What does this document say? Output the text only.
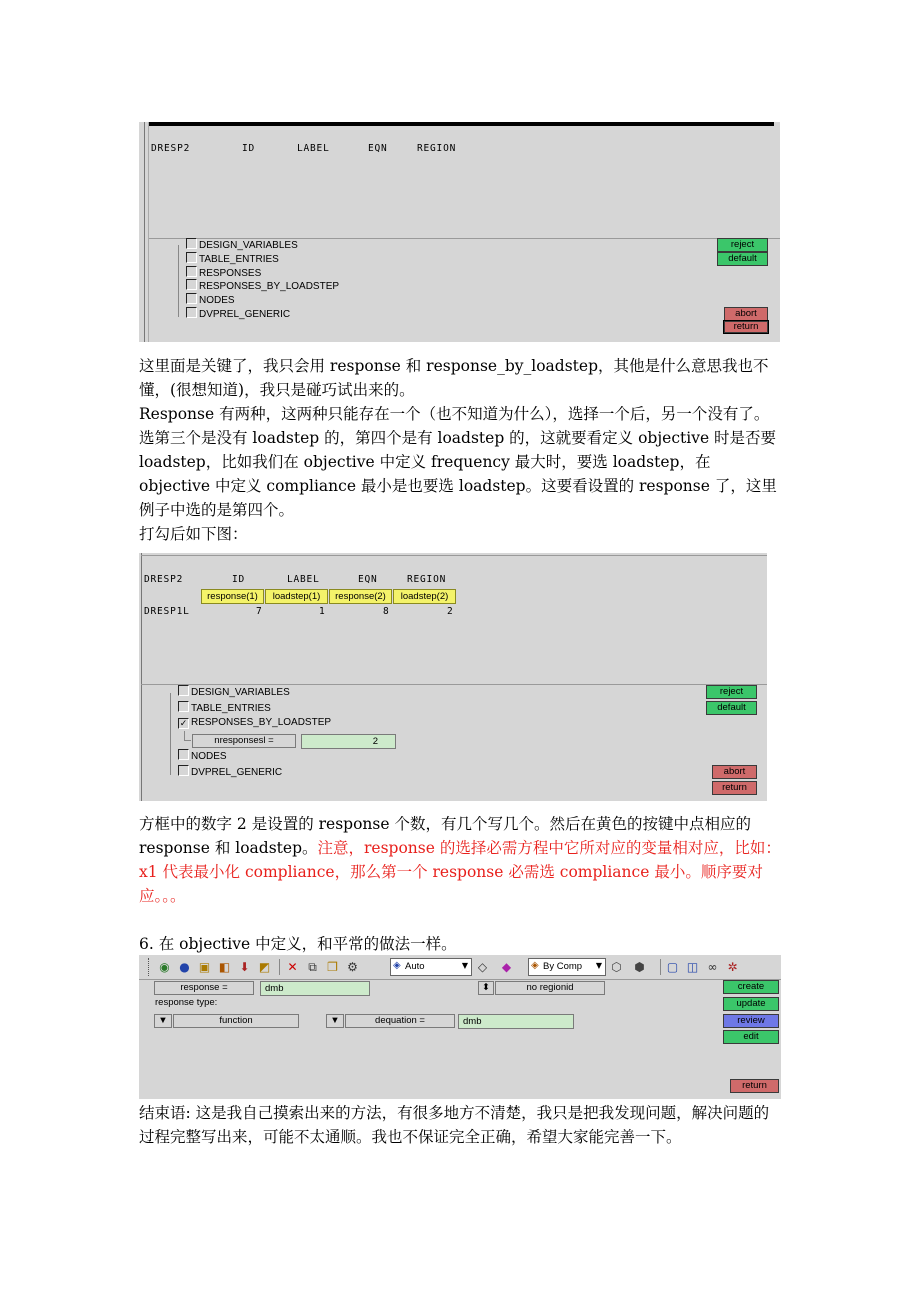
DRESP2	ID	LABEL	EQN	REGION
DESIGN_VARIABLES
TABLE_ENTRIES
RESPONSES
RESPONSES_BY_LOADSTEP
NODES
DVPREL_GENERIC
reject
default
abort
return

这里面是关键了，我只会用 response 和 response_by_loadstep，其他是什么意思我也不懂，(很想知道)，我只是碰巧试出来的。

Response 有两种，这两种只能存在一个（也不知道为什么），选择一个后，另一个没有了。选第三个是没有 loadstep 的，第四个是有 loadstep 的，这就要看定义 objective 时是否要 loadstep，比如我们在 objective 中定义 frequency 最大时，要选 loadstep，在 objective 中定义 compliance 最小是也要选 loadstep。这要看设置的 response 了，这里例子中选的是第四个。

打勾后如下图：

DRESP2	ID	LABEL	EQN	REGION
response(1)	loadstep(1)	response(2)	loadstep(2)
DRESP1L	7	1	8	2
DESIGN_VARIABLES
TABLE_ENTRIES
✓ RESPONSES_BY_LOADSTEP
nresponsesl =	2
NODES
DVPREL_GENERIC
reject
default
abort
return

方框中的数字 2 是设置的 response 个数，有几个写几个。然后在黄色的按键中点相应的 response 和 loadstep。注意，response 的选择必需方程中它所对应的变量相对应，比如：x1 代表最小化 compliance，那么第一个 response 必需选 compliance 最小。顺序要对应。。。

6. 在 objective 中定义，和平常的做法一样。

◉ ● ▣ ◧ ⬇ ◩ ✕ ⧉ ❐ ⚙	◈ Auto	▼ ◇ ◆ ◈ By Comp ▼ ⬡ ⬢ ▢ ◫ ∞ ✲
response =	dmb	⬍	no regionid
response type:
▼	function	▼	dequation =	dmb
create
update
review
edit
return

结束语: 这是我自己摸索出来的方法，有很多地方不清楚，我只是把我发现问题，解决问题的过程完整写出来，可能不太通顺。我也不保证完全正确，希望大家能完善一下。
